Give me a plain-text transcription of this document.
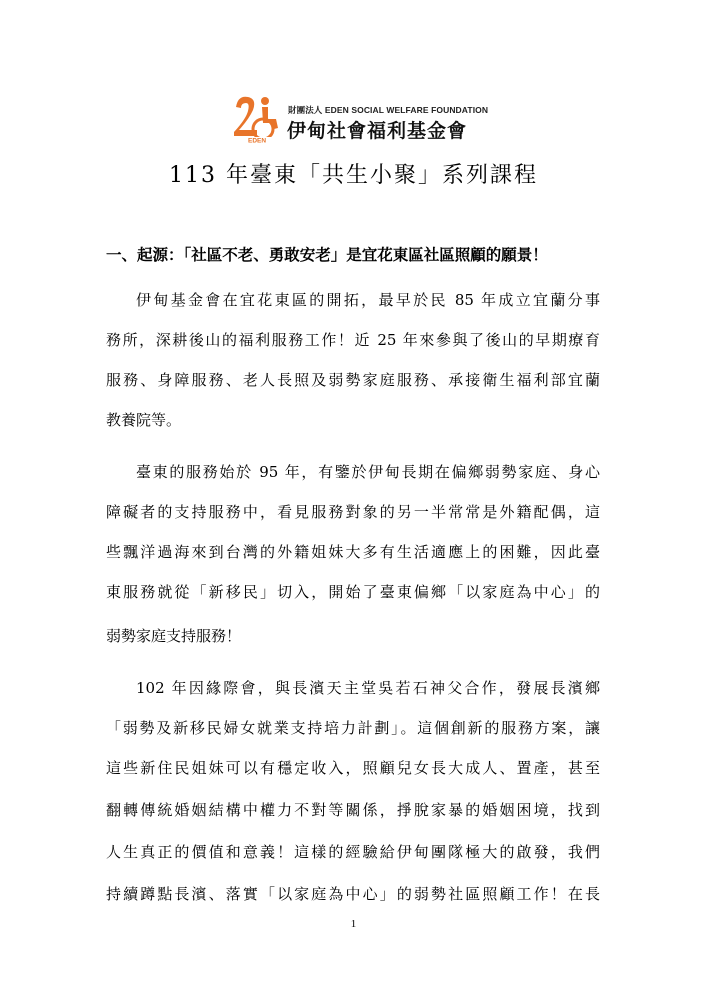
EDEN
財團法人 EDEN SOCIAL WELFARE FOUNDATION
伊甸社會福利基金會
113 年臺東「共生小聚」系列課程
一、起源：「社區不老、勇敢安老」是宜花東區社區照顧的願景！
伊甸基金會在宜花東區的開拓，最早於民 85 年成立宜蘭分事
務所，深耕後山的福利服務工作！近 25 年來參與了後山的早期療育
服務、身障服務、老人長照及弱勢家庭服務、承接衛生福利部宜蘭
教養院等。
臺東的服務始於 95 年，有鑒於伊甸長期在偏鄉弱勢家庭、身心
障礙者的支持服務中，看見服務對象的另一半常常是外籍配偶，這
些飄洋過海來到台灣的外籍姐妹大多有生活適應上的困難，因此臺
東服務就從「新移民」切入，開始了臺東偏鄉「以家庭為中心」的
弱勢家庭支持服務！
102 年因緣際會，與長濱天主堂吳若石神父合作，發展長濱鄉
「弱勢及新移民婦女就業支持培力計劃」。這個創新的服務方案，讓
這些新住民姐妹可以有穩定收入，照顧兒女長大成人、置產，甚至
翻轉傳統婚姻結構中權力不對等關係，掙脫家暴的婚姻困境，找到
人生真正的價值和意義！這樣的經驗給伊甸團隊極大的啟發，我們
持續蹲點長濱、落實「以家庭為中心」的弱勢社區照顧工作！在長
1
